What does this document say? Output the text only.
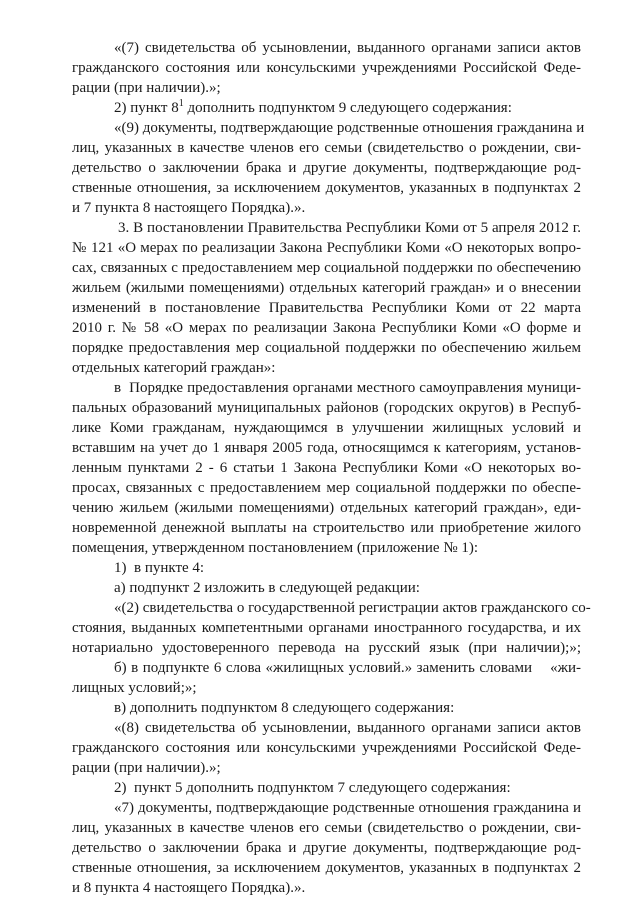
«(7) свидетельства об усыновлении, выданного органами записи актов
гражданского состояния или консульскими учреждениями Российской Феде-
рации (при наличии).»;
2) пункт $8^1$ дополнить подпунктом 9 следующего содержания:
«(9) документы, подтверждающие родственные отношения гражданина и
лиц, указанных в качестве членов его семьи (свидетельство о рождении, сви-
детельство о заключении брака и другие документы, подтверждающие род-
ственные отношения, за исключением документов, указанных в подпунктах 2
и 7 пункта 8 настоящего Порядка).».
3. В постановлении Правительства Республики Коми от 5 апреля 2012 г.
№ 121 «О мерах по реализации Закона Республики Коми «О некоторых вопро-
сах, связанных с предоставлением мер социальной поддержки по обеспечению
жильем (жилыми помещениями) отдельных категорий граждан» и о внесении
изменений в постановление Правительства Республики Коми от 22 марта
2010 г. № 58 «О мерах по реализации Закона Республики Коми «О форме и
порядке предоставления мер социальной поддержки по обеспечению жильем
отдельных категорий граждан»:
в  Порядке предоставления органами местного самоуправления муници-
пальных образований муниципальных районов (городских округов) в Респуб-
лике Коми гражданам, нуждающимся в улучшении жилищных условий и
вставшим на учет до 1 января 2005 года, относящимся к категориям, установ-
ленным пунктами 2 - 6 статьи 1 Закона Республики Коми «О некоторых во-
просах, связанных с предоставлением мер социальной поддержки по обеспе-
чению жильем (жилыми помещениями) отдельных категорий граждан», еди-
новременной денежной выплаты на строительство или приобретение жилого
помещения, утвержденном постановлением (приложение № 1):
1)  в пункте 4:
а) подпункт 2 изложить в следующей редакции:
«(2) свидетельства о государственной регистрации актов гражданского со-
стояния, выданных компетентными органами иностранного государства, и их
нотариально удостоверенного перевода на русский язык (при наличии);»;
б) в подпункте 6 слова «жилищных условий.» заменить словами    «жи-
лищных условий;»;
в) дополнить подпунктом 8 следующего содержания:
«(8) свидетельства об усыновлении, выданного органами записи актов
гражданского состояния или консульскими учреждениями Российской Феде-
рации (при наличии).»;
2)  пункт 5 дополнить подпунктом 7 следующего содержания:
«7) документы, подтверждающие родственные отношения гражданина и
лиц, указанных в качестве членов его семьи (свидетельство о рождении, сви-
детельство о заключении брака и другие документы, подтверждающие род-
ственные отношения, за исключением документов, указанных в подпунктах 2
и 8 пункта 4 настоящего Порядка).».
